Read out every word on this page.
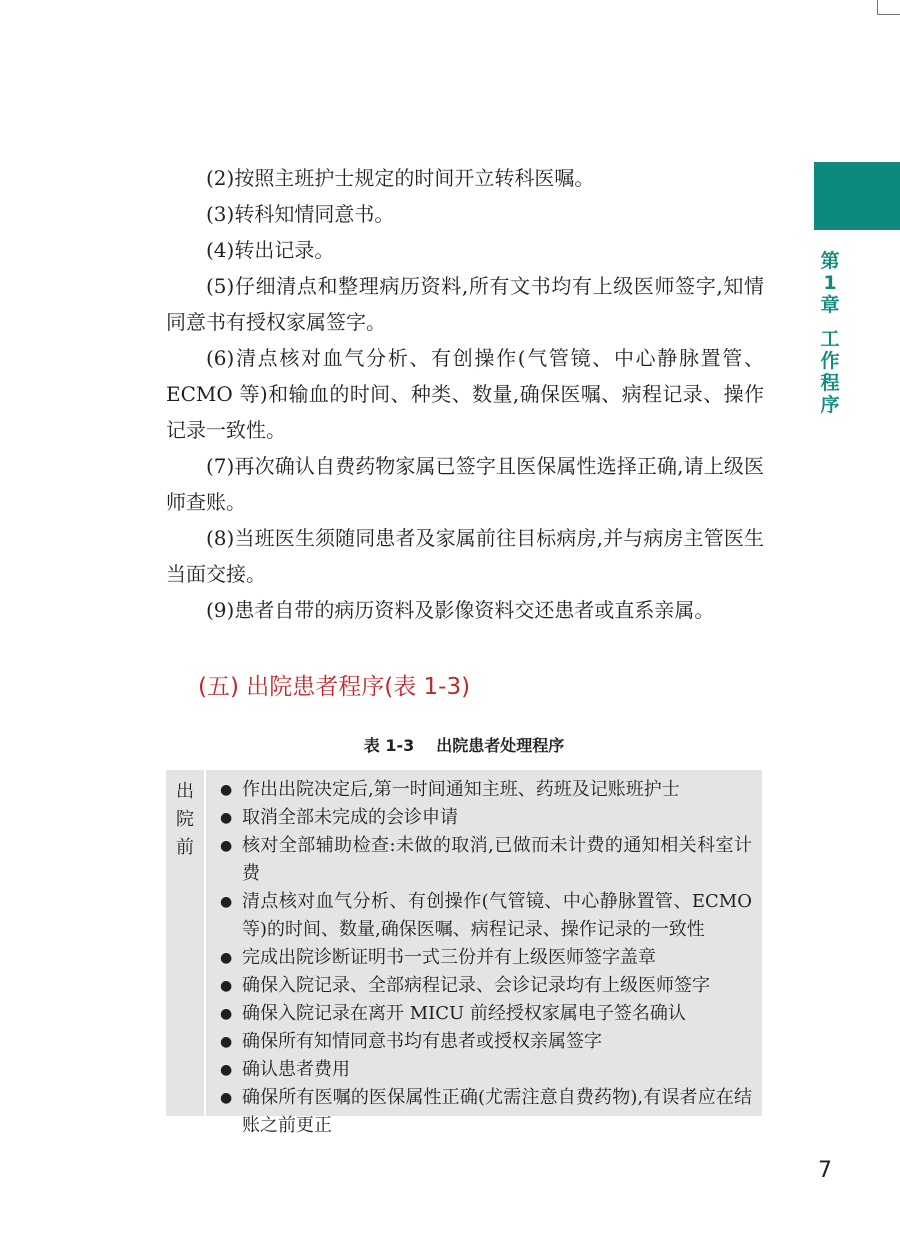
第
1
章
工
作
程
序

(2)按照主班护士规定的时间开立转科医嘱。

(3)转科知情同意书。

(4)转出记录。

(5)仔细清点和整理病历资料,所有文书均有上级医师签字,知情同意书有授权家属签字。

(6)清点核对血气分析、有创操作(气管镜、中心静脉置管、ECMO 等)和输血的时间、种类、数量,确保医嘱、病程记录、操作记录一致性。

(7)再次确认自费药物家属已签字且医保属性选择正确,请上级医师查账。

(8)当班医生须随同患者及家属前往目标病房,并与病房主管医生当面交接。

(9)患者自带的病历资料及影像资料交还患者或直系亲属。

(五) 出院患者程序(表 1-3)
表 1-3 出院患者处理程序
出
院
前
● 作出出院决定后,第一时间通知主班、药班及记账班护士
● 取消全部未完成的会诊申请
● 核对全部辅助检查:未做的取消,已做而未计费的通知相关科室计费
● 清点核对血气分析、有创操作(气管镜、中心静脉置管、ECMO 等)的时间、数量,确保医嘱、病程记录、操作记录的一致性
● 完成出院诊断证明书一式三份并有上级医师签字盖章
● 确保入院记录、全部病程记录、会诊记录均有上级医师签字
● 确保入院记录在离开 MICU 前经授权家属电子签名确认
● 确保所有知情同意书均有患者或授权亲属签字
● 确认患者费用
● 确保所有医嘱的医保属性正确(尤需注意自费药物),有误者应在结账之前更正
7
